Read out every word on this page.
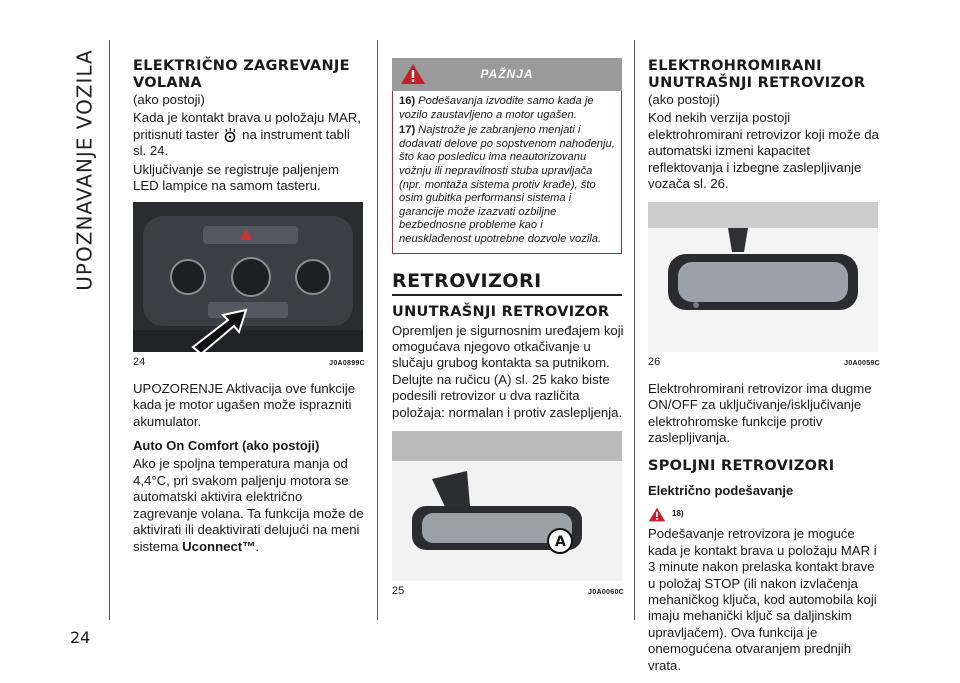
UPOZNAVANJE VOZILA
24
ELEKTRIČNO ZAGREVANJE VOLANA
(ako postoji)

Kada je kontakt brava u položaju MAR, pritisnuti taster na instrument tabli sl. 24.

Uključivanje se registruje paljenjem LED lampice na samom tasteru.

24	J0A0899C

UPOZORENJE Aktivacija ove funkcije kada je motor ugašen može isprazniti akumulator.

Auto On Comfort (ako postoji)

Ako je spoljna temperatura manja od 4,4°C, pri svakom paljenju motora se automatski aktivira električno zagrevanje volana. Ta funkcija može de aktivirati ili deaktivirati delujući na meni sistema Uconnect™.

PAŽNJA
16) Podešavanja izvodite samo kada je vozilo zaustavljeno a motor ugašen.
17) Najstrože je zabranjeno menjati i dodavati delove po sopstvenom nahođenju, što kao posledicu ima neautorizovanu vožnju ili nepravilnosti stuba upravljača (npr. montaža sistema protiv krađe), što osim gubitka performansi sistema i garancije može izazvati ozbiljne bezbednosne probleme kao i neusklađenost upotrebne dozvole vozila.
RETROVIZORI
UNUTRAŠNJI RETROVIZOR

Opremljen je sigurnosnim uređajem koji omogućava njegovo otkačivanje u slučaju grubog kontakta sa putnikom. Delujte na ručicu (A) sl. 25 kako biste podesili retrovizor u dva različita položaja: normalan i protiv zaslepljenja.

A
25	J0A0060C
ELEKTROHROMIRANI UNUTRAŠNJI RETROVIZOR
(ako postoji)

Kod nekih verzija postoji elektrohromirani retrovizor koji može da automatski izmeni kapacitet reflektovanja i izbegne zaslepljivanje vozača sl. 26.

26	J0A0059C

Elektrohromirani retrovizor ima dugme ON/OFF za uključivanje/isključivanje elektrohromske funkcije protiv zaslepljivanja.

SPOLJNI RETROVIZORI
Električno podešavanje
18)

Podešavanje retrovizora je moguće kada je kontakt brava u položaju MAR i 3 minute nakon prelaska kontakt brave u položaj STOP (ili nakon izvlačenja mehaničkog ključa, kod automobila koji imaju mehanički ključ sa daljinskim upravljačem). Ova funkcija je onemogućena otvaranjem prednjih vrata.
